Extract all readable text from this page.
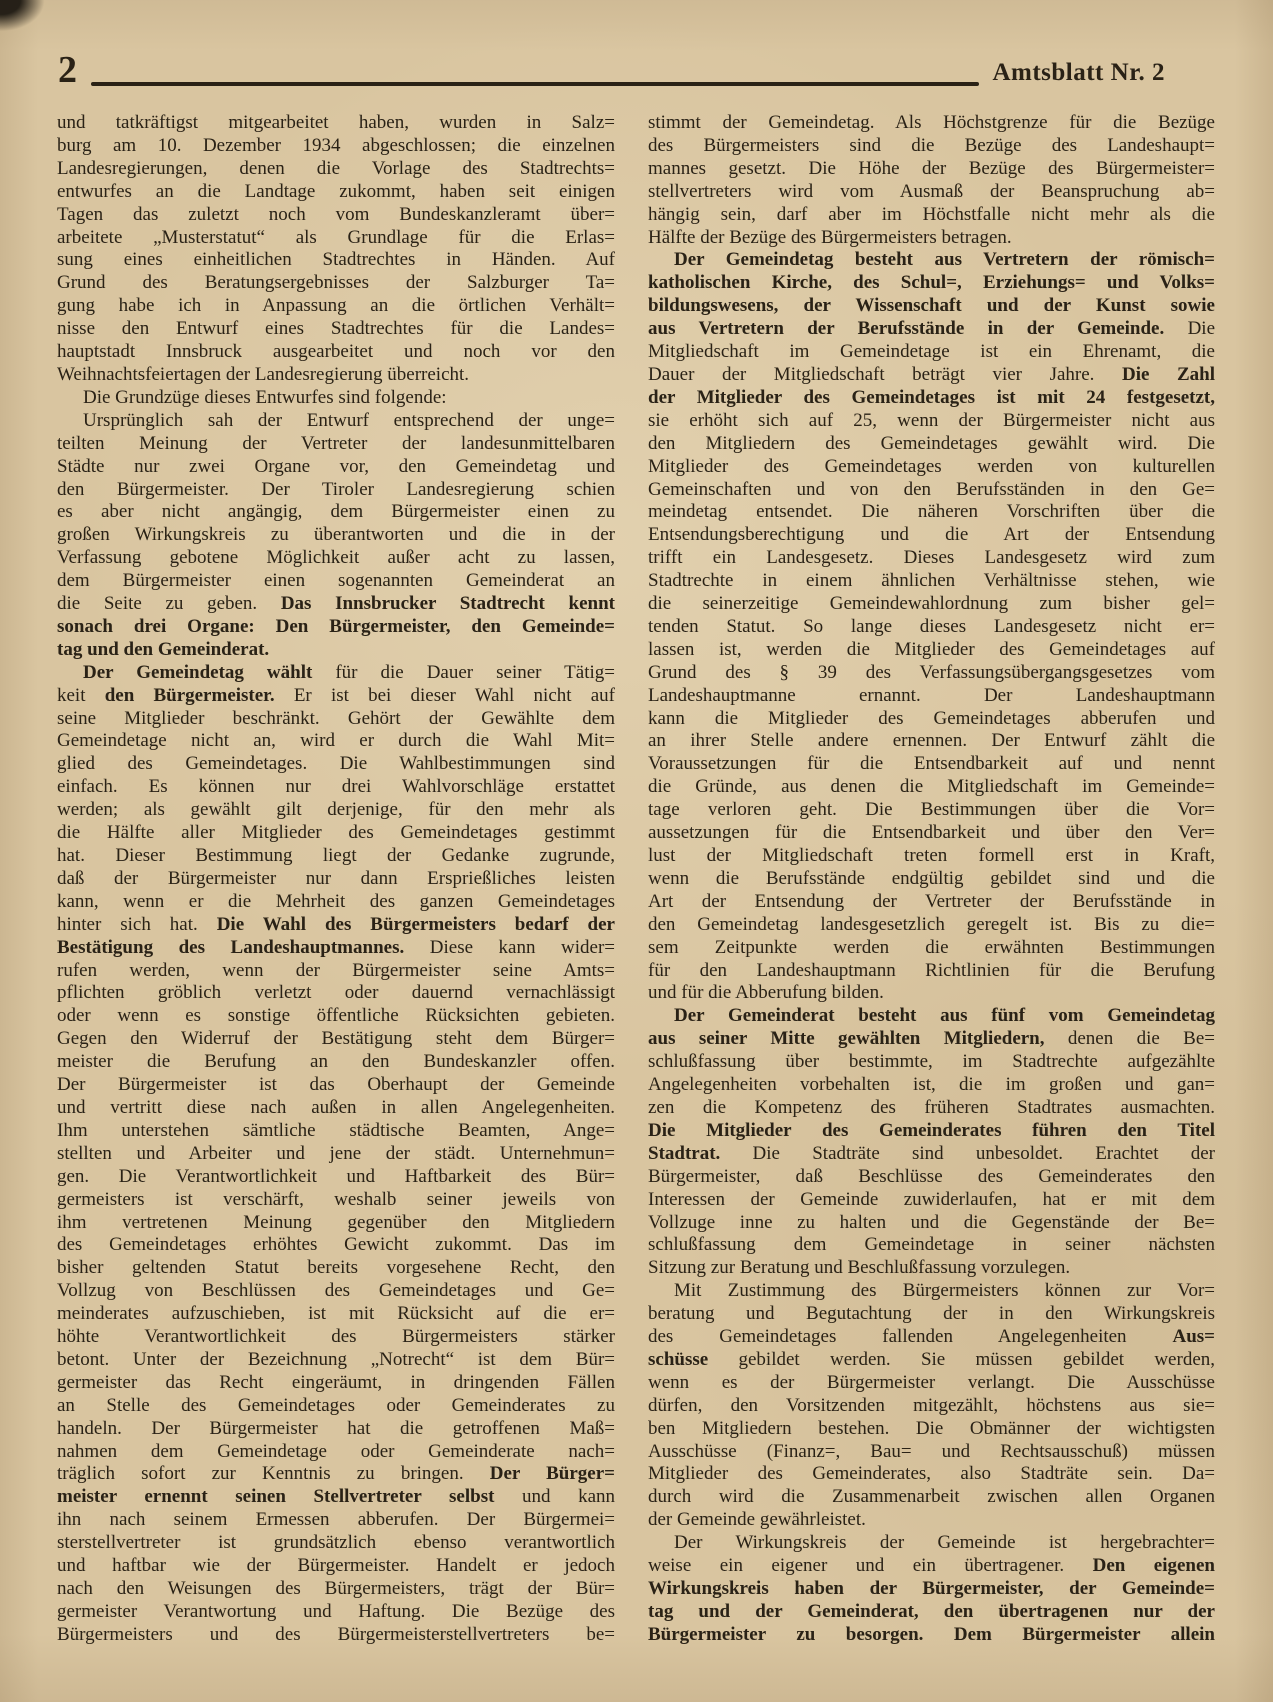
2	Amtsblatt Nr. 2
und tatkräftigst mitgearbeitet haben, wurden in Salz=
burg am 10. Dezember 1934 abgeschlossen; die einzelnen
Landesregierungen, denen die Vorlage des Stadtrechts=
entwurfes an die Landtage zukommt, haben seit einigen
Tagen das zuletzt noch vom Bundeskanzleramt über=
arbeitete „Musterstatut“ als Grundlage für die Erlas=
sung eines einheitlichen Stadtrechtes in Händen. Auf
Grund des Beratungsergebnisses der Salzburger Ta=
gung habe ich in Anpassung an die örtlichen Verhält=
nisse den Entwurf eines Stadtrechtes für die Landes=
hauptstadt Innsbruck ausgearbeitet und noch vor den
Weihnachtsfeiertagen der Landesregierung überreicht.
Die Grundzüge dieses Entwurfes sind folgende:
Ursprünglich sah der Entwurf entsprechend der unge=
teilten Meinung der Vertreter der landesunmittelbaren
Städte nur zwei Organe vor, den Gemeindetag und
den Bürgermeister. Der Tiroler Landesregierung schien
es aber nicht angängig, dem Bürgermeister einen zu
großen Wirkungskreis zu überantworten und die in der
Verfassung gebotene Möglichkeit außer acht zu lassen,
dem Bürgermeister einen sogenannten Gemeinderat an
die Seite zu geben. Das Innsbrucker Stadtrecht kennt
sonach drei Organe: Den Bürgermeister, den Gemeinde=
tag und den Gemeinderat.
Der Gemeindetag wählt für die Dauer seiner Tätig=
keit den Bürgermeister. Er ist bei dieser Wahl nicht auf
seine Mitglieder beschränkt. Gehört der Gewählte dem
Gemeindetage nicht an, wird er durch die Wahl Mit=
glied des Gemeindetages. Die Wahlbestimmungen sind
einfach. Es können nur drei Wahlvorschläge erstattet
werden; als gewählt gilt derjenige, für den mehr als
die Hälfte aller Mitglieder des Gemeindetages gestimmt
hat. Dieser Bestimmung liegt der Gedanke zugrunde,
daß der Bürgermeister nur dann Ersprießliches leisten
kann, wenn er die Mehrheit des ganzen Gemeindetages
hinter sich hat. Die Wahl des Bürgermeisters bedarf der
Bestätigung des Landeshauptmannes. Diese kann wider=
rufen werden, wenn der Bürgermeister seine Amts=
pflichten gröblich verletzt oder dauernd vernachlässigt
oder wenn es sonstige öffentliche Rücksichten gebieten.
Gegen den Widerruf der Bestätigung steht dem Bürger=
meister die Berufung an den Bundeskanzler offen.
Der Bürgermeister ist das Oberhaupt der Gemeinde
und vertritt diese nach außen in allen Angelegenheiten.
Ihm unterstehen sämtliche städtische Beamten, Ange=
stellten und Arbeiter und jene der städt. Unternehmun=
gen. Die Verantwortlichkeit und Haftbarkeit des Bür=
germeisters ist verschärft, weshalb seiner jeweils von
ihm vertretenen Meinung gegenüber den Mitgliedern
des Gemeindetages erhöhtes Gewicht zukommt. Das im
bisher geltenden Statut bereits vorgesehene Recht, den
Vollzug von Beschlüssen des Gemeindetages und Ge=
meinderates aufzuschieben, ist mit Rücksicht auf die er=
höhte Verantwortlichkeit des Bürgermeisters stärker
betont. Unter der Bezeichnung „Notrecht“ ist dem Bür=
germeister das Recht eingeräumt, in dringenden Fällen
an Stelle des Gemeindetages oder Gemeinderates zu
handeln. Der Bürgermeister hat die getroffenen Maß=
nahmen dem Gemeindetage oder Gemeinderate nach=
träglich sofort zur Kenntnis zu bringen. Der Bürger=
meister ernennt seinen Stellvertreter selbst und kann
ihn nach seinem Ermessen abberufen. Der Bürgermei=
sterstellvertreter ist grundsätzlich ebenso verantwortlich
und haftbar wie der Bürgermeister. Handelt er jedoch
nach den Weisungen des Bürgermeisters, trägt der Bür=
germeister Verantwortung und Haftung. Die Bezüge des
Bürgermeisters und des Bürgermeisterstellvertreters be=
stimmt der Gemeindetag. Als Höchstgrenze für die Bezüge
des Bürgermeisters sind die Bezüge des Landeshaupt=
mannes gesetzt. Die Höhe der Bezüge des Bürgermeister=
stellvertreters wird vom Ausmaß der Beanspruchung ab=
hängig sein, darf aber im Höchstfalle nicht mehr als die
Hälfte der Bezüge des Bürgermeisters betragen.
Der Gemeindetag besteht aus Vertretern der römisch=
katholischen Kirche, des Schul=, Erziehungs= und Volks=
bildungswesens, der Wissenschaft und der Kunst sowie
aus Vertretern der Berufsstände in der Gemeinde. Die
Mitgliedschaft im Gemeindetage ist ein Ehrenamt, die
Dauer der Mitgliedschaft beträgt vier Jahre. Die Zahl
der Mitglieder des Gemeindetages ist mit 24 festgesetzt,
sie erhöht sich auf 25, wenn der Bürgermeister nicht aus
den Mitgliedern des Gemeindetages gewählt wird. Die
Mitglieder des Gemeindetages werden von kulturellen
Gemeinschaften und von den Berufsständen in den Ge=
meindetag entsendet. Die näheren Vorschriften über die
Entsendungsberechtigung und die Art der Entsendung
trifft ein Landesgesetz. Dieses Landesgesetz wird zum
Stadtrechte in einem ähnlichen Verhältnisse stehen, wie
die seinerzeitige Gemeindewahlordnung zum bisher gel=
tenden Statut. So lange dieses Landesgesetz nicht er=
lassen ist, werden die Mitglieder des Gemeindetages auf
Grund des § 39 des Verfassungsübergangsgesetzes vom
Landeshauptmanne ernannt. Der Landeshauptmann
kann die Mitglieder des Gemeindetages abberufen und
an ihrer Stelle andere ernennen. Der Entwurf zählt die
Voraussetzungen für die Entsendbarkeit auf und nennt
die Gründe, aus denen die Mitgliedschaft im Gemeinde=
tage verloren geht. Die Bestimmungen über die Vor=
aussetzungen für die Entsendbarkeit und über den Ver=
lust der Mitgliedschaft treten formell erst in Kraft,
wenn die Berufsstände endgültig gebildet sind und die
Art der Entsendung der Vertreter der Berufsstände in
den Gemeindetag landesgesetzlich geregelt ist. Bis zu die=
sem Zeitpunkte werden die erwähnten Bestimmungen
für den Landeshauptmann Richtlinien für die Berufung
und für die Abberufung bilden.
Der Gemeinderat besteht aus fünf vom Gemeindetag
aus seiner Mitte gewählten Mitgliedern, denen die Be=
schlußfassung über bestimmte, im Stadtrechte aufgezählte
Angelegenheiten vorbehalten ist, die im großen und gan=
zen die Kompetenz des früheren Stadtrates ausmachten.
Die Mitglieder des Gemeinderates führen den Titel
Stadtrat. Die Stadträte sind unbesoldet. Erachtet der
Bürgermeister, daß Beschlüsse des Gemeinderates den
Interessen der Gemeinde zuwiderlaufen, hat er mit dem
Vollzuge inne zu halten und die Gegenstände der Be=
schlußfassung dem Gemeindetage in seiner nächsten
Sitzung zur Beratung und Beschlußfassung vorzulegen.
Mit Zustimmung des Bürgermeisters können zur Vor=
beratung und Begutachtung der in den Wirkungskreis
des Gemeindetages fallenden Angelegenheiten Aus=
schüsse gebildet werden. Sie müssen gebildet werden,
wenn es der Bürgermeister verlangt. Die Ausschüsse
dürfen, den Vorsitzenden mitgezählt, höchstens aus sie=
ben Mitgliedern bestehen. Die Obmänner der wichtigsten
Ausschüsse (Finanz=, Bau= und Rechtsausschuß) müssen
Mitglieder des Gemeinderates, also Stadträte sein. Da=
durch wird die Zusammenarbeit zwischen allen Organen
der Gemeinde gewährleistet.
Der Wirkungskreis der Gemeinde ist hergebrachter=
weise ein eigener und ein übertragener. Den eigenen
Wirkungskreis haben der Bürgermeister, der Gemeinde=
tag und der Gemeinderat, den übertragenen nur der
Bürgermeister zu besorgen. Dem Bürgermeister allein
